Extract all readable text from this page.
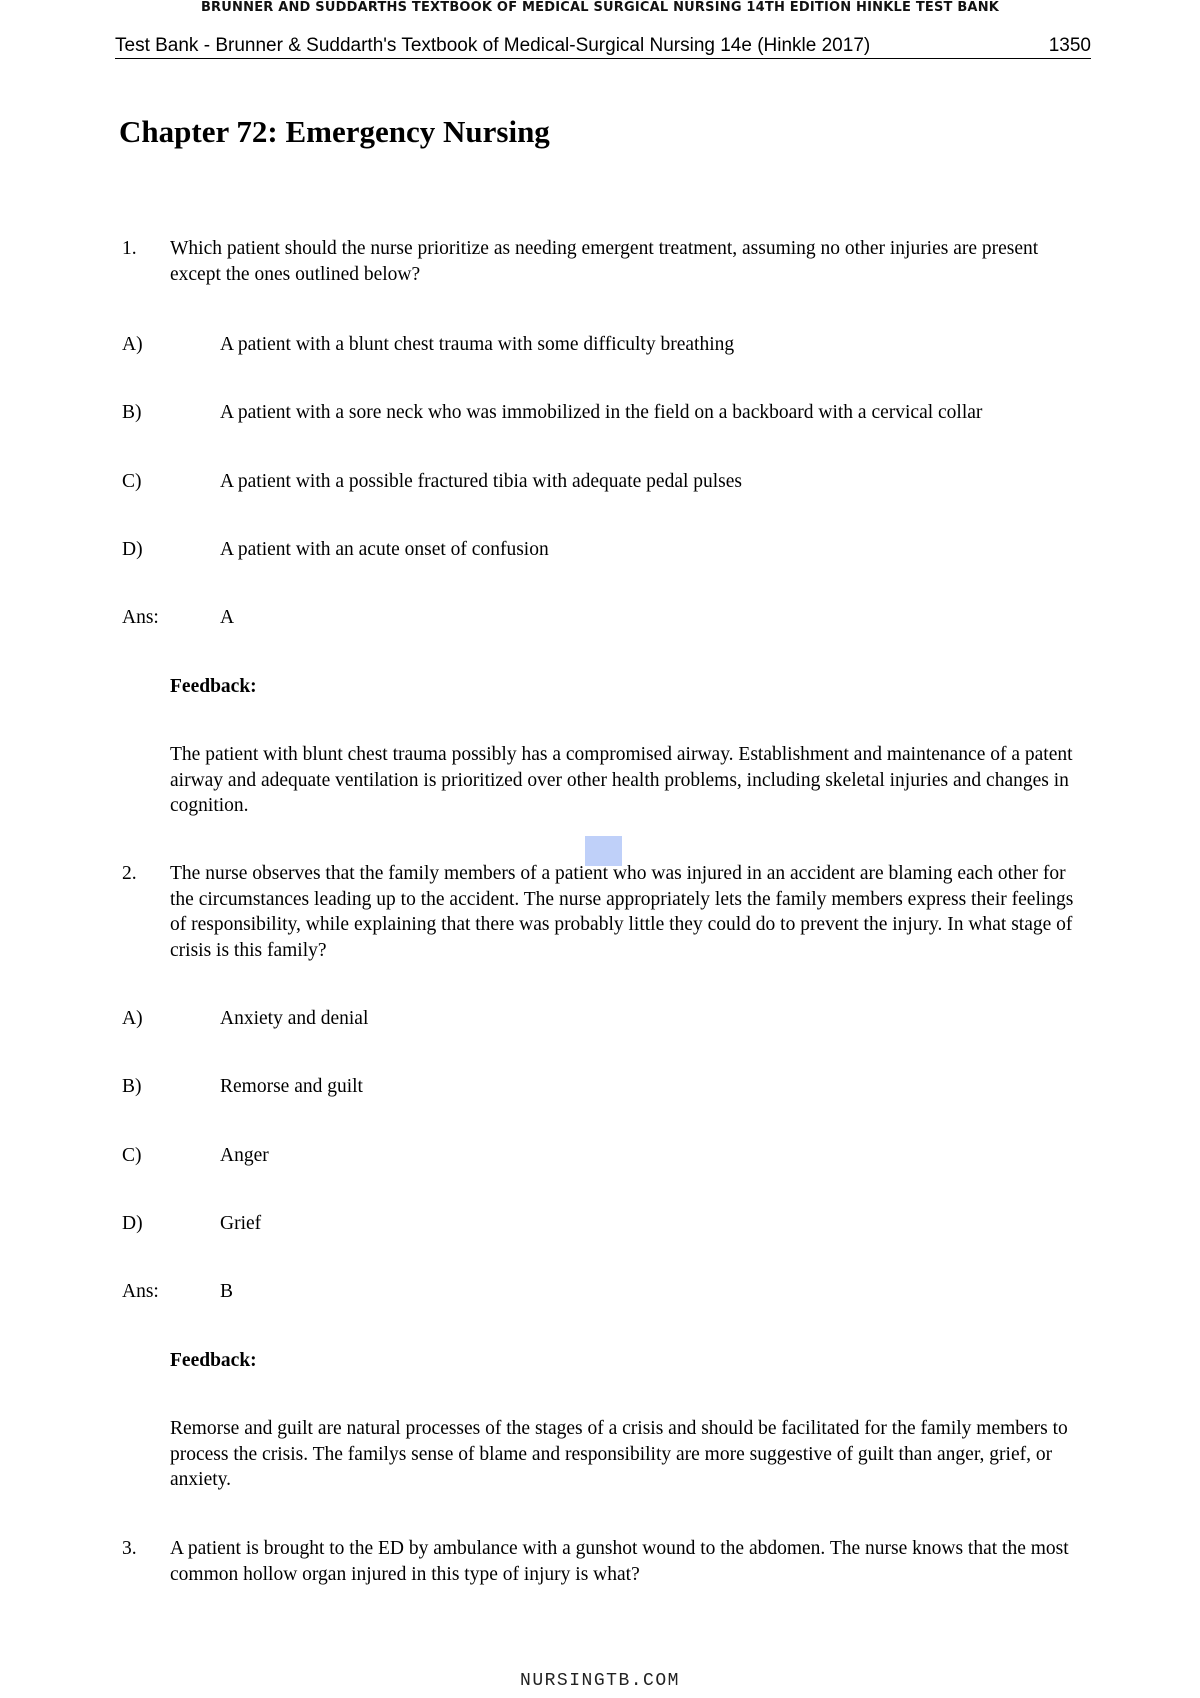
BRUNNER AND SUDDARTHS TEXTBOOK OF MEDICAL SURGICAL NURSING 14TH EDITION HINKLE TEST BANK
Test Bank - Brunner & Suddarth's Textbook of Medical-Surgical Nursing 14e (Hinkle 2017)	1350
Chapter 72: Emergency Nursing
1. Which patient should the nurse prioritize as needing emergent treatment, assuming no other injuries are present except the ones outlined below?
A)	A patient with a blunt chest trauma with some difficulty breathing
B)	A patient with a sore neck who was immobilized in the field on a backboard with a cervical collar
C)	A patient with a possible fractured tibia with adequate pedal pulses
D)	A patient with an acute onset of confusion
Ans:	A
Feedback:
The patient with blunt chest trauma possibly has a compromised airway. Establishment and maintenance of a patent airway and adequate ventilation is prioritized over other health problems, including skeletal injuries and changes in cognition.
2. The nurse observes that the family members of a patient who was injured in an accident are blaming each other for the circumstances leading up to the accident. The nurse appropriately lets the family members express their feelings of responsibility, while explaining that there was probably little they could do to prevent the injury. In what stage of crisis is this family?
A)	Anxiety and denial
B)	Remorse and guilt
C)	Anger
D)	Grief
Ans:	B
Feedback:
Remorse and guilt are natural processes of the stages of a crisis and should be facilitated for the family members to process the crisis. The familys sense of blame and responsibility are more suggestive of guilt than anger, grief, or anxiety.
3. A patient is brought to the ED by ambulance with a gunshot wound to the abdomen. The nurse knows that the most common hollow organ injured in this type of injury is what?
NURSINGTB.COM
